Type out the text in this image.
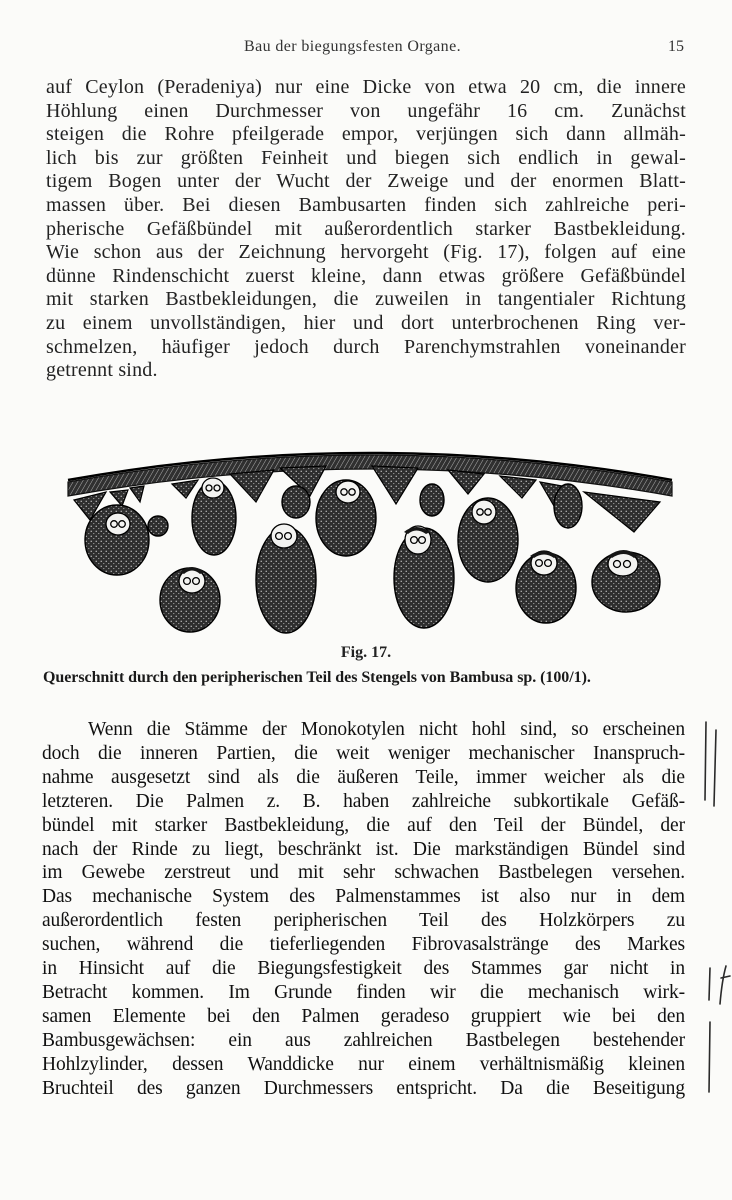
Bau der biegungsfesten Organe.	15
auf Ceylon (Peradeniya) nur eine Dicke von etwa 20 cm, die innere
Höhlung einen Durchmesser von ungefähr 16 cm. Zunächst
steigen die Rohre pfeilgerade empor, verjüngen sich dann allmäh-
lich bis zur größten Feinheit und biegen sich endlich in gewal-
tigem Bogen unter der Wucht der Zweige und der enormen Blatt-
massen über. Bei diesen Bambusarten finden sich zahlreiche peri-
pherische Gefäßbündel mit außerordentlich starker Bastbekleidung.
Wie schon aus der Zeichnung hervorgeht (Fig. 17), folgen auf eine
dünne Rindenschicht zuerst kleine, dann etwas größere Gefäßbündel
mit starken Bastbekleidungen, die zuweilen in tangentialer Richtung
zu einem unvollständigen, hier und dort unterbrochenen Ring ver-
schmelzen, häufiger jedoch durch Parenchymstrahlen voneinander
getrennt sind.
Fig. 17.
Querschnitt durch den peripherischen Teil des Stengels von Bambusa sp. (100/1).
Wenn die Stämme der Monokotylen nicht hohl sind, so erscheinen
doch die inneren Partien, die weit weniger mechanischer Inanspruch-
nahme ausgesetzt sind als die äußeren Teile, immer weicher als die
letzteren. Die Palmen z. B. haben zahlreiche subkortikale Gefäß-
bündel mit starker Bastbekleidung, die auf den Teil der Bündel, der
nach der Rinde zu liegt, beschränkt ist. Die markständigen Bündel sind
im Gewebe zerstreut und mit sehr schwachen Bastbelegen versehen.
Das mechanische System des Palmenstammes ist also nur in dem
außerordentlich festen peripherischen Teil des Holzkörpers zu
suchen, während die tieferliegenden Fibrovasalstränge des Markes
in Hinsicht auf die Biegungsfestigkeit des Stammes gar nicht in
Betracht kommen. Im Grunde finden wir die mechanisch wirk-
samen Elemente bei den Palmen geradeso gruppiert wie bei den
Bambusgewächsen: ein aus zahlreichen Bastbelegen bestehender
Hohlzylinder, dessen Wanddicke nur einem verhältnismäßig kleinen
Bruchteil des ganzen Durchmessers entspricht. Da die Beseitigung
